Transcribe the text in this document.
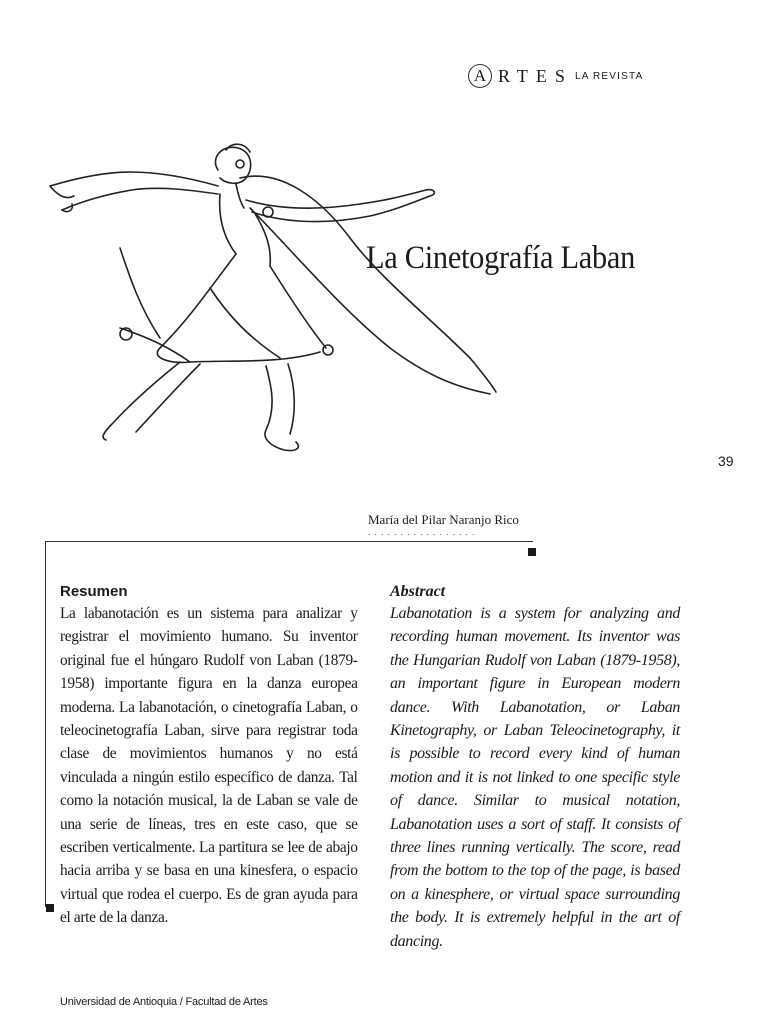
A RTES LA REVISTA
La Cinetografía Laban
39
María del Pilar Naranjo Rico
.................
Resumen

La labanotación es un sistema para analizar y registrar el movimiento humano. Su inventor original fue el húngaro Rudolf von Laban (1879-1958) importante figura en la danza europea moderna. La labanotación, o cinetografía Laban, o teleocinetografía Laban, sirve para registrar toda clase de movimientos humanos y no está vinculada a ningún estilo específico de danza. Tal como la notación musical, la de Laban se vale de una serie de líneas, tres en este caso, que se escriben verticalmente. La partitura se lee de abajo hacia arriba y se basa en una kinesfera, o espacio virtual que rodea el cuerpo. Es de gran ayuda para el arte de la danza.

Abstract

Labanotation is a system for analyzing and recording human movement. Its inventor was the Hungarian Rudolf von Laban (1879-1958), an important figure in European modern dance. With Labanotation, or Laban Kinetography, or Laban Teleocinetography, it is possible to record every kind of human motion and it is not linked to one specific style of dance. Similar to musical notation, Labanotation uses a sort of staff. It consists of three lines running vertically. The score, read from the bottom to the top of the page, is based on a kinesphere, or virtual space surrounding the body. It is extremely helpful in the art of dancing.

Universidad de Antioquia / Facultad de Artes
